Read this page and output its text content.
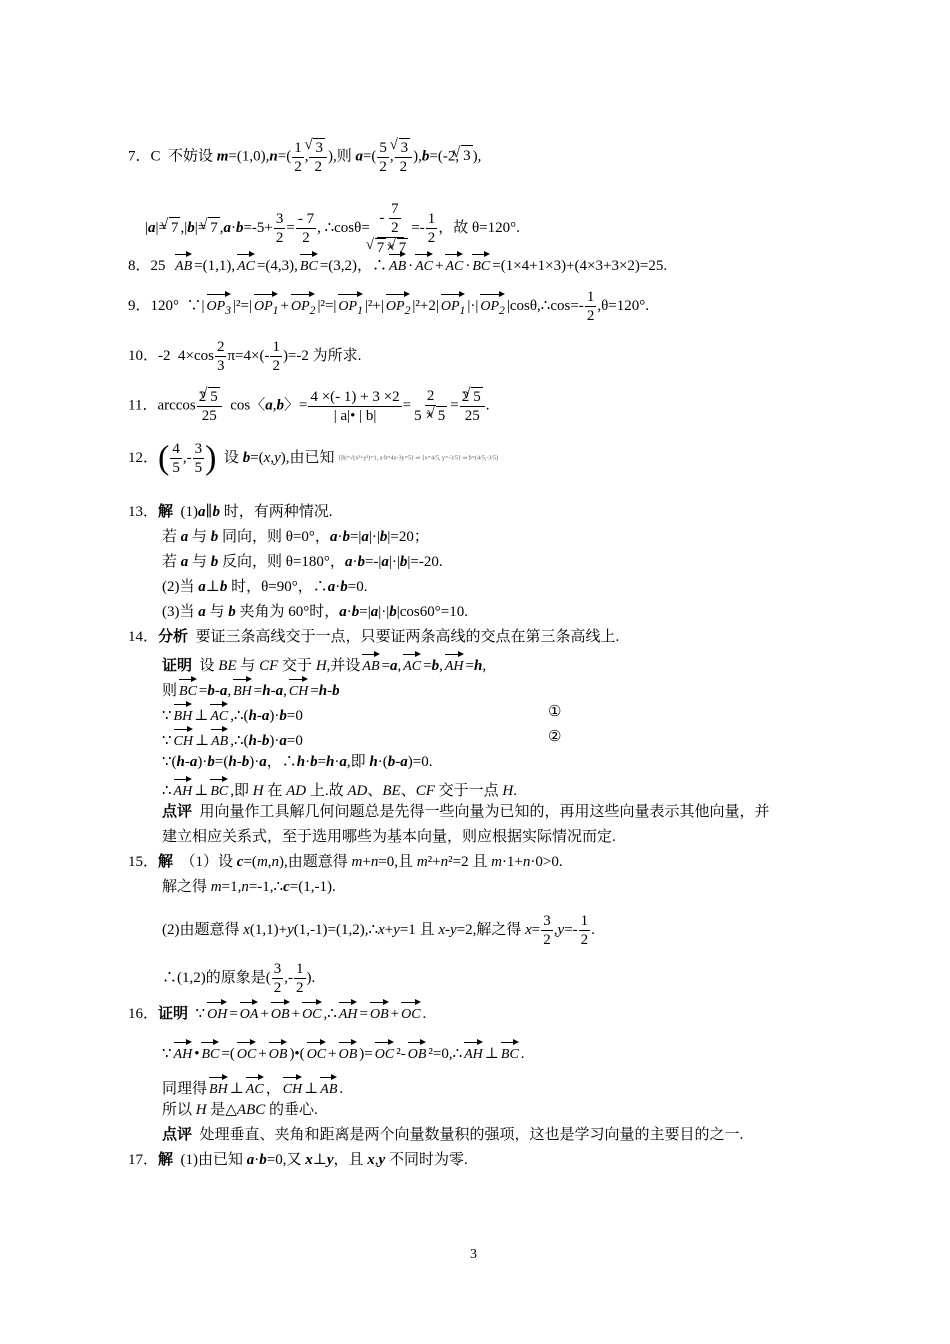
7．C  不妨设 $m=(1,0),n=( \frac{1}{2}$ ,
√ $\frac{3}{2}$ ),则 $a=( \frac{5}{2}$ ,
√ $\frac{3}{2} ),b=(-2,√$ 3 ),
|a|=√ 7 ,|b|=√ 7 $,a\cdot b=-5+ \frac{3}{2} = \frac{- 7}{2}$ , ∴cosθ= - $\frac{7}{2}$
√ 7 ×√ $7 =- \frac{1}{2}$ ，故 θ=120°.
8．25  AB =(1,1), AC =(4,3), BC =(3,2)，∴ AB · AC + AC · BC =(1×4+1×3)+(4×3+3×2)=25.
9．120°  ∵| $OP_3$ |²=| $OP_1 + OP_2$ |²=| $OP_1$ |²+| $OP_2$ |²+2| $OP_1$ |·| $OP_2$ |cosθ,∴cos=- $\frac{1}{2} ,\theta=120^\circ$.
10．-2  $4\times\cos \frac{2}{3} \pi=4\times(- \frac{1}{2} )=-2$ 为所求.
11．$\arccos \frac{2√ 5}{25}$ cos〈a,b〉= $\frac{4 \times(- 1) + 3 \times 2}{| a|• | b|} = \frac{2}{5 \times√ 5} = \frac{2√ 5}{25}$ .
12．( $\frac{4}{5}$ ,- $\frac{3}{5}$ )  设 b=(x,y),由已知 {|b|=√(x²+y²)=1, a·b=4x-3y=5} ⇒ {x=4/5, y=-3/5} ⇒ b=(4/5,-3/5)
13．解  (1)a∥b 时，有两种情况.
若 a 与 b 同向，则 θ=0°，a·b=|a|·|b|=20；
若 a 与 b 反向，则 θ=180°，a·b=-|a|·|b|=-20.
(2)当 a⊥b 时，θ=90°，∴a·b=0.
(3)当 a 与 b 夹角为 60°时，a·b=|a|·|b|cos60°=10.
14．分析  要证三条高线交于一点，只要证两条高线的交点在第三条高线上.
证明  设 BE 与 CF 交于 H,并设 AB =a, AC =b, AH =h,
则 BC =b-a, BH =h-a, CH =h-b
∵ BH ⊥ AC ,∴(h-a)·b=0	①
∵ CH ⊥ AB ,∴(h-b)·a=0	②
∵(h-a)·b=(h-b)·a，∴h·b=h·a,即 h·(b-a)=0.
∴ AH ⊥ BC ,即 H 在 AD 上.故 AD、BE、CF 交于一点 H.
点评 用向量作工具解几何问题总是先得一些向量为已知的，再用这些向量表示其他向量，并
建立相应关系式，至于选用哪些为基本向量，则应根据实际情况而定.
15．解  （1）设 c=(m,n),由题意得 m+n=0,且 m²+n²=2 且 m·1+n·0>0.
解之得 m=1,n=-1,∴c=(1,-1).
(2)由题意得 x(1,1)+y(1,-1)=(1,2),∴x+y=1 且 x-y=2,解之得 $x= \frac{3}{2} ,y=- \frac{1}{2}$ .
∴(1,2)的原象是( $\frac{3}{2}$ ,- $\frac{1}{2}$ ).
16．证明  ∵ OH = OA + OB + OC ,∴ AH = OB + OC .
∵ AH • BC =( OC + OB )•( OC + OB )= OC ²- OB ²=0,∴ AH ⊥ BC .
同理得 BH ⊥ AC ， CH ⊥ AB .
所以 H 是△ABC 的垂心.
点评  处理垂直、夹角和距离是两个向量数量积的强项，这也是学习向量的主要目的之一.
17．解  (1)由已知 a·b=0,又 x⊥y，且 x,y 不同时为零.
3
